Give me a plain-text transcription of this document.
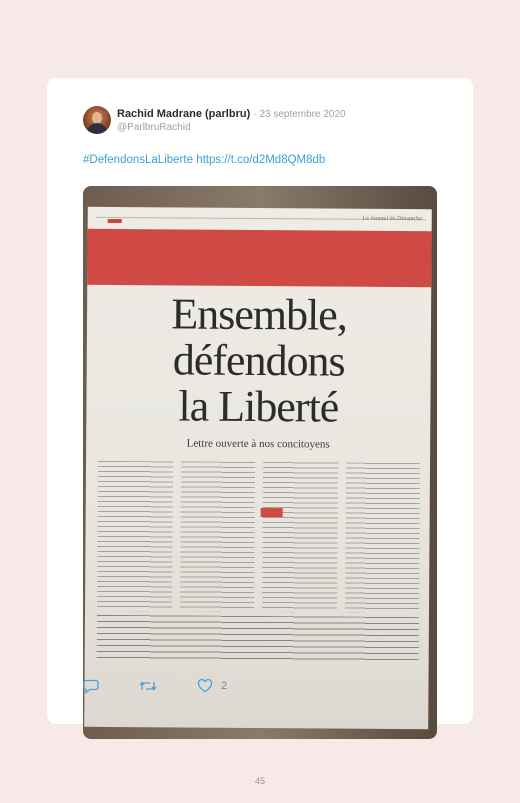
Rachid Madrane (parlbru) · 23 septembre 2020
@ParlbruRachid
#DefendonsLaLiberte https://t.co/d2Md8QM8db
Le Journal du Dimanche
Ensemble,
défendons
la Liberté
Lettre ouverte à nos concitoyens
2
45
